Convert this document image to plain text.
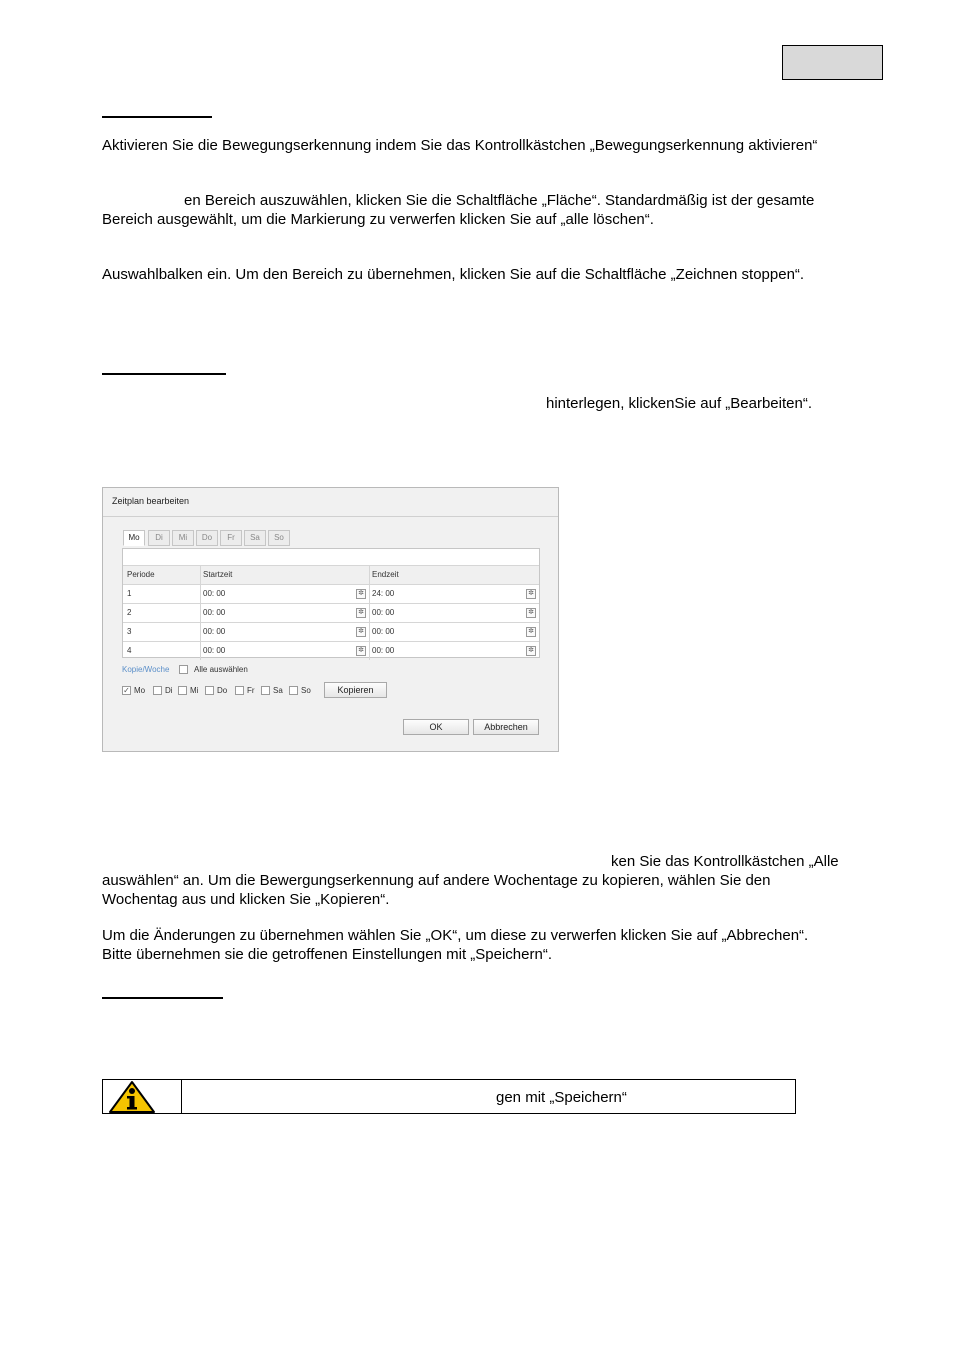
Aktivieren Sie die Bewegungserkennung indem Sie das Kontrollkästchen „Bewegungserkennung aktivieren“
en Bereich auszuwählen, klicken Sie die Schaltfläche „Fläche“. Standardmäßig ist der gesamte
Bereich ausgewählt, um die Markierung zu verwerfen klicken Sie auf „alle löschen“.
Auswahlbalken ein. Um den Bereich zu übernehmen, klicken Sie auf die Schaltfläche „Zeichnen stoppen“.
hinterlegen, klickenSie auf „Bearbeiten“.
Zeitplan bearbeiten
Mo	Di	Mi	Do	Fr	Sa	So
Periode	Startzeit	Endzeit
1	00: 00	✲ 24: 00	✲
2	00: 00	✲ 00: 00	✲
3	00: 00	✲ 00: 00	✲
4	00: 00	✲ 00: 00	✲
Kopie/Woche	Alle auswählen
✓ Mo Di Mi Do Fr Sa So	Kopieren
OK	Abbrechen
ken Sie das Kontrollkästchen „Alle
auswählen“ an. Um die Bewergungserkennung auf andere Wochentage zu kopieren, wählen Sie den
Wochentag aus und klicken Sie „Kopieren“.
Um die Änderungen zu übernehmen wählen Sie „OK“, um diese zu verwerfen klicken Sie auf „Abbrechen“.
Bitte übernehmen sie die getroffenen Einstellungen mit „Speichern“.
gen mit „Speichern“
